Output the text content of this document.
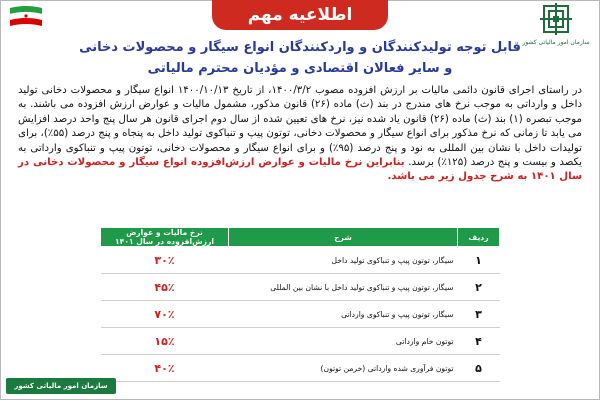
اطلاعیه مهم
سازمان امور مالیاتی کشور
قابل توجه تولیدکنندگان و واردکنندگان انواع سیگار و محصولات دخانی
و سایر فعالان اقتصادی و مؤدیان محترم مالیاتی
در راستای اجرای قانون دائمی مالیات بر ارزش افزوده مصوب ۱۴۰۰/۳/۲، از تاریخ ۱۴۰۰/۱۰/۱۳ انواع سیگار و محصولات دخانی تولید داخل و وارداتی به موجب نرخ های مندرج در بند (ث) ماده (۲۶) قانون مذکور، مشمول مالیات و عوارض ارزش افزوده می باشند. به موجب تبصره (۱) بند (ث) ماده (۲۶) قانون یاد شده نیز، نرخ های تعیین شده از سال دوم اجرای قانون هر سال پنج واحد درصد افزایش می یابد تا زمانی که نرخ مذکور برای انواع سیگار و محصولات دخانی، توتون پیپ و تنباکوی تولید داخل به پنجاه و پنج درصد (۵۵٪)، برای تولیدات داخل با نشان بین المللی به نود و پنج درصد (۹۵٪) و برای انواع سیگار و محصولات دخانی، توتون پیپ و تنباکوی وارداتی به یکصد و بیست و پنج درصد (۱۲۵٪) برسد. بنابراین نرخ مالیات و عوارض ارزش‌افزوده انواع سیگار و محصولات دخانی در سال ۱۴۰۱ به شرح جدول زیر می باشد.
ردیف	شرح	نرخ مالیات و عوارض ارزش‌افزوده در سال ۱۴۰۱
۱	سیگار، توتون پیپ و تنباکوی تولید داخل	۳۰٪
۲	سیگار، توتون پیپ و تنباکوی تولید داخل با نشان بین المللی	۴۵٪
۳	سیگار، توتون پیپ و تنباکوی وارداتی	۷۰٪
۴	توتون خام وارداتی	۱۵٪
۵	توتون فرآوری شده وارداتی (خرمن توتون)	۴۰٪
سازمان امور مالیاتی کشور
